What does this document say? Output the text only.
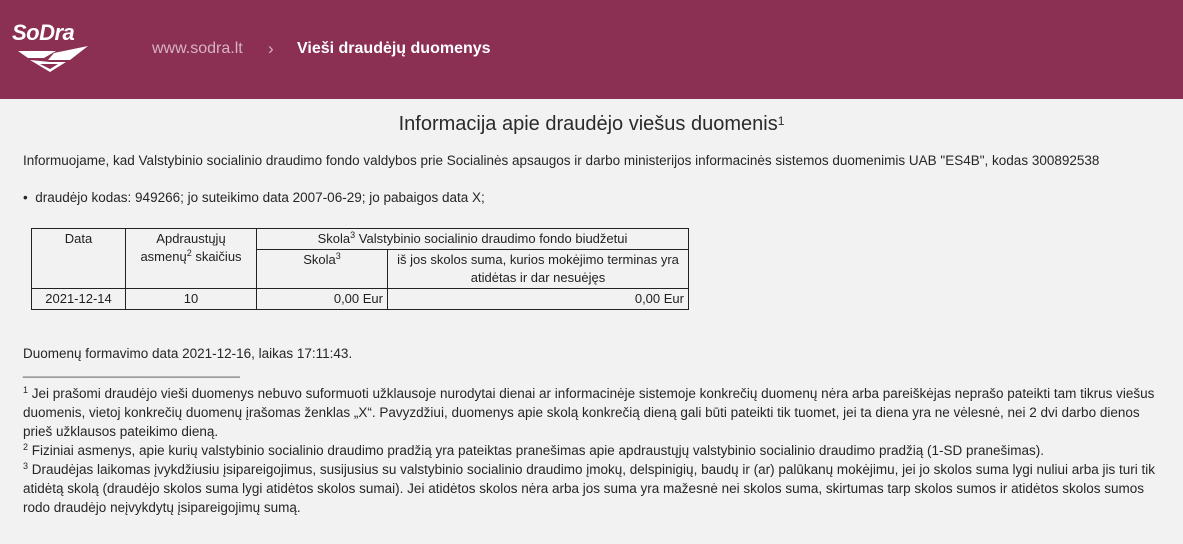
SoDra
www.sodra.lt › Vieši draudėjų duomenys
Informacija apie draudėjo viešus duomenis$^1$
Informuojame, kad Valstybinio socialinio draudimo fondo valdybos prie Socialinės apsaugos ir darbo ministerijos informacinės sistemos duomenimis UAB "ES4B", kodas 300892538
•  draudėjo kodas: 949266; jo suteikimo data 2007-06-29; jo pabaigos data X;
Data	Apdraustųjų asmenų$^2$ skaičius	Skola$^3$ Valstybinio socialinio draudimo fondo biudžetui	
		Skola$^3$	iš jos skolos suma, kurios mokėjimo terminas yra atidėtas ir dar nesuėjęs
2021-12-14	10	0,00 Eur	0,00 Eur
Duomenų formavimo data 2021-12-16, laikas 17:11:43.
______________________________

$^1$ Jei prašomi draudėjo vieši duomenys nebuvo suformuoti užklausoje nurodytai dienai ar informacinėje sistemoje konkrečių duomenų nėra arba pareiškėjas neprašo pateikti tam tikrus viešus duomenis, vietoj konkrečių duomenų įrašomas ženklas „X“. Pavyzdžiui, duomenys apie skolą konkrečią dieną gali būti pateikti tik tuomet, jei ta diena yra ne vėlesnė, nei 2 dvi darbo dienos prieš užklausos pateikimo dieną.

$^2$ Fiziniai asmenys, apie kurių valstybinio socialinio draudimo pradžią yra pateiktas pranešimas apie apdraustųjų valstybinio socialinio draudimo pradžią (1-SD pranešimas).

$^3$ Draudėjas laikomas įvykdžiusiu įsipareigojimus, susijusius su valstybinio socialinio draudimo įmokų, delspinigių, baudų ir (ar) palūkanų mokėjimu, jei jo skolos suma lygi nuliui arba jis turi tik atidėtą skolą (draudėjo skolos suma lygi atidėtos skolos sumai). Jei atidėtos skolos nėra arba jos suma yra mažesnė nei skolos suma, skirtumas tarp skolos sumos ir atidėtos skolos sumos rodo draudėjo neįvykdytų įsipareigojimų sumą.
